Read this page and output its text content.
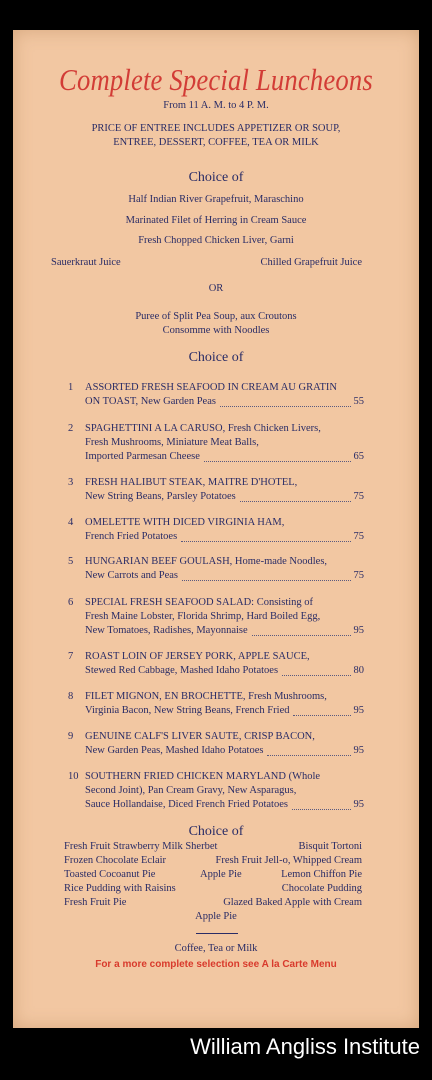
Complete Special Luncheons
From 11 A. M. to 4 P. M.
PRICE OF ENTREE INCLUDES APPETIZER OR SOUP,
ENTREE, DESSERT, COFFEE, TEA OR MILK
Choice of
Half Indian River Grapefruit, Maraschino
Marinated Filet of Herring in Cream Sauce
Fresh Chopped Chicken Liver, Garni
Sauerkraut Juice	Chilled Grapefruit Juice
OR
Puree of Split Pea Soup, aux Croutons
Consomme with Noodles
Choice of
1 ASSORTED FRESH SEAFOOD IN CREAM AU GRATIN
ON TOAST, New Garden Peas	55
2 SPAGHETTINI A LA CARUSO, Fresh Chicken Livers,
Fresh Mushrooms, Miniature Meat Balls,
Imported Parmesan Cheese	65
3 FRESH HALIBUT STEAK, MAITRE D'HOTEL,
New String Beans, Parsley Potatoes	75
4 OMELETTE WITH DICED VIRGINIA HAM,
French Fried Potatoes	75
5 HUNGARIAN BEEF GOULASH, Home-made Noodles,
New Carrots and Peas	75
6 SPECIAL FRESH SEAFOOD SALAD: Consisting of
Fresh Maine Lobster, Florida Shrimp, Hard Boiled Egg,
New Tomatoes, Radishes, Mayonnaise	95
7 ROAST LOIN OF JERSEY PORK, APPLE SAUCE,
Stewed Red Cabbage, Mashed Idaho Potatoes	80
8 FILET MIGNON, EN BROCHETTE, Fresh Mushrooms,
Virginia Bacon, New String Beans, French Fried	95
9 GENUINE CALF'S LIVER SAUTE, CRISP BACON,
New Garden Peas, Mashed Idaho Potatoes	95
10 SOUTHERN FRIED CHICKEN MARYLAND (Whole
Second Joint), Pan Cream Gravy, New Asparagus,
Sauce Hollandaise, Diced French Fried Potatoes	95
Choice of
Fresh Fruit Strawberry Milk Sherbet	Bisquit Tortoni
Frozen Chocolate Eclair	Fresh Fruit Jell-o, Whipped Cream
Toasted Cocoanut Pie	Apple Pie	Lemon Chiffon Pie
Rice Pudding with Raisins	Chocolate Pudding
Fresh Fruit Pie	Glazed Baked Apple with Cream
Apple Pie
Coffee, Tea or Milk
For a more complete selection see A la Carte Menu
William Angliss Institute
